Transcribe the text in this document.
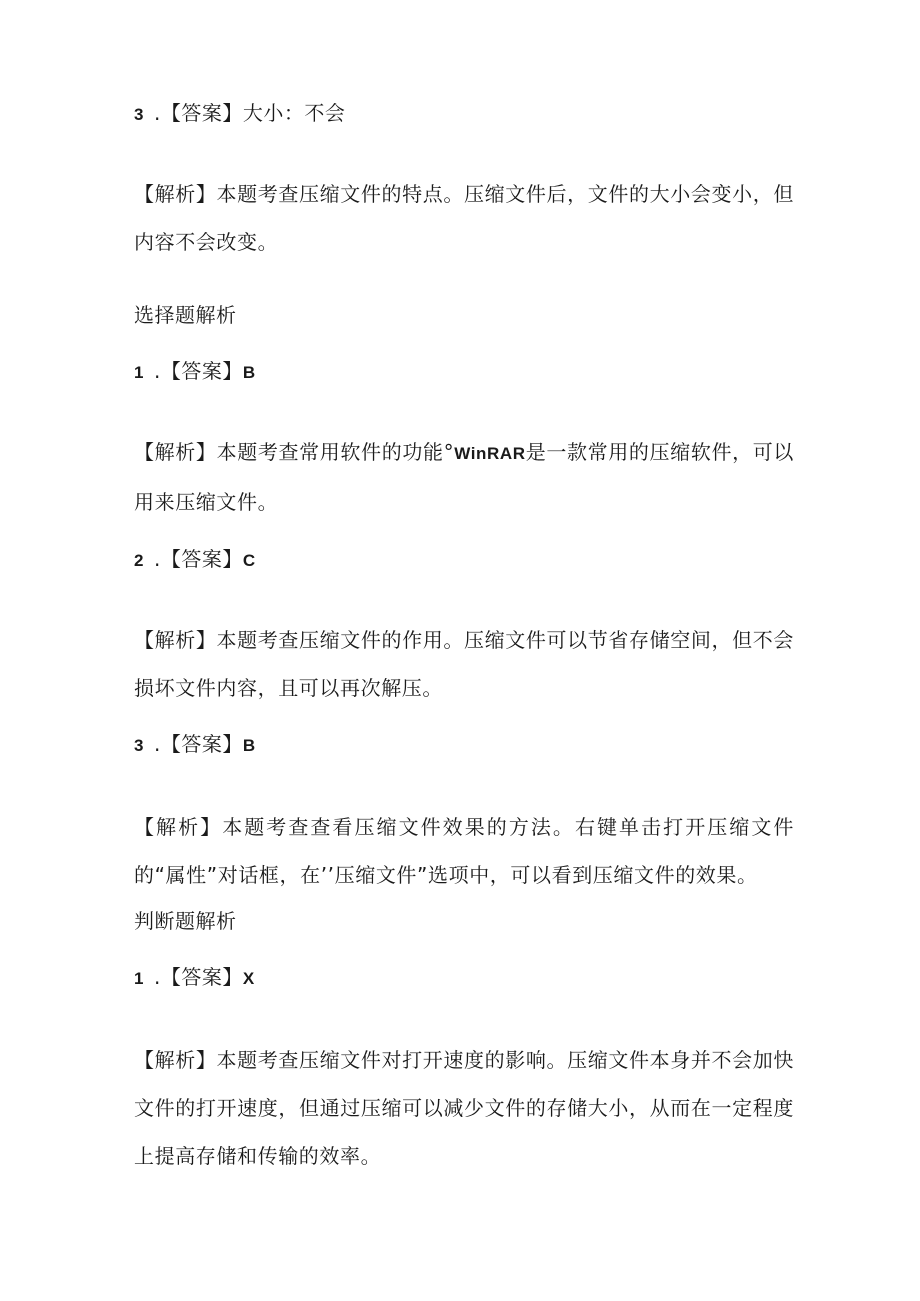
3 .【答案】大小：不会
【解析】本题考查压缩文件的特点。压缩文件后，文件的大小会变小，但内容不会改变。
选择题解析
1 .【答案】B
【解析】本题考查常用软件的功能°WinRAR是一款常用的压缩软件，可以用来压缩文件。
2 .【答案】C
【解析】本题考查压缩文件的作用。压缩文件可以节省存储空间，但不会损坏文件内容，且可以再次解压。
3 .【答案】B
【解析】本题考查查看压缩文件效果的方法。右键单击打开压缩文件的“属性”对话框，在’’压缩文件”选项中，可以看到压缩文件的效果。
判断题解析
1 .【答案】X
【解析】本题考查压缩文件对打开速度的影响。压缩文件本身并不会加快文件的打开速度，但通过压缩可以减少文件的存储大小，从而在一定程度上提高存储和传输的效率。
